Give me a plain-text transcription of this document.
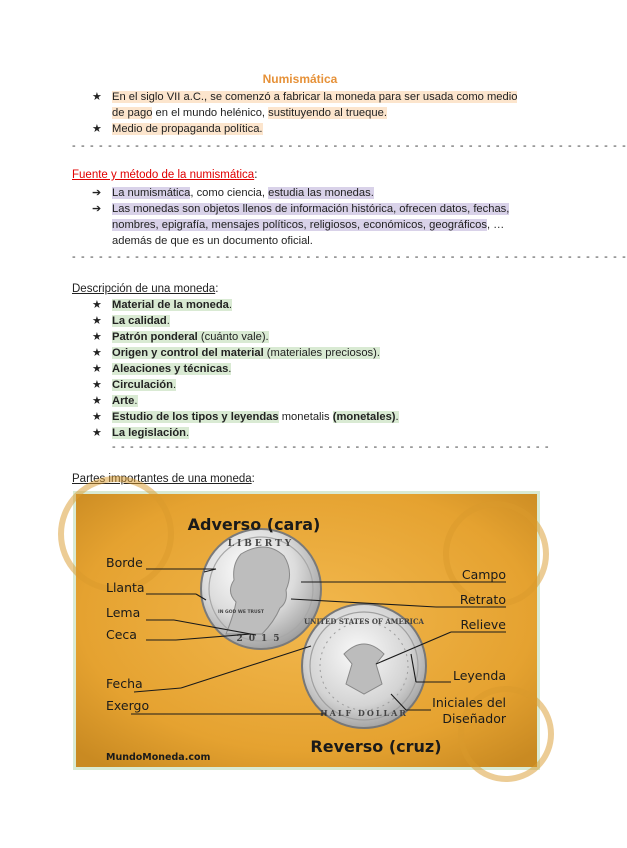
Numismática
★ En el siglo VII a.C., se comenzó a fabricar la moneda para ser usada como medio de pago en el mundo helénico, sustituyendo al trueque.
★ Medio de propaganda política.
- - - - - - - - - - - - - - - - - - - - - - - - - - - - - - - - - - - - - - - - - - - - - - - - - - - - - - - - - - - - - -
Fuente y método de la numismática:
➔ La numismática, como ciencia, estudia las monedas.
➔ Las monedas son objetos llenos de información histórica, ofrecen datos, fechas, nombres, epigrafía, mensajes políticos, religiosos, económicos, geográficos, … además de que es un documento oficial.
- - - - - - - - - - - - - - - - - - - - - - - - - - - - - - - - - - - - - - - - - - - - - - - - - - - - - - - - - - - - - -
Descripción de una moneda:
★ Material de la moneda.
★ La calidad.
★ Patrón ponderal (cuánto vale).
★ Origen y control del material (materiales preciosos).
★ Aleaciones y técnicas.
★ Circulación.
★ Arte.
★ Estudio de los tipos y leyendas monetalis (monetales).
★ La legislación.
- - - - - - - - - - - - - - - - - - - - - - - - - - - - - - - - - - - - - - - - - - - - - - - - -
Partes importantes de una moneda:
LIBERTY
IN GOD WE TRUST
2015
UNITED STATES OF AMERICA
HALF DOLLAR
Adverso (cara)
Reverso (cruz)
Borde
Llanta
Lema
Ceca
Fecha
Exergo
Campo
Retrato
Relieve
Leyenda
Iniciales del
Diseñador
MundoMoneda.com
